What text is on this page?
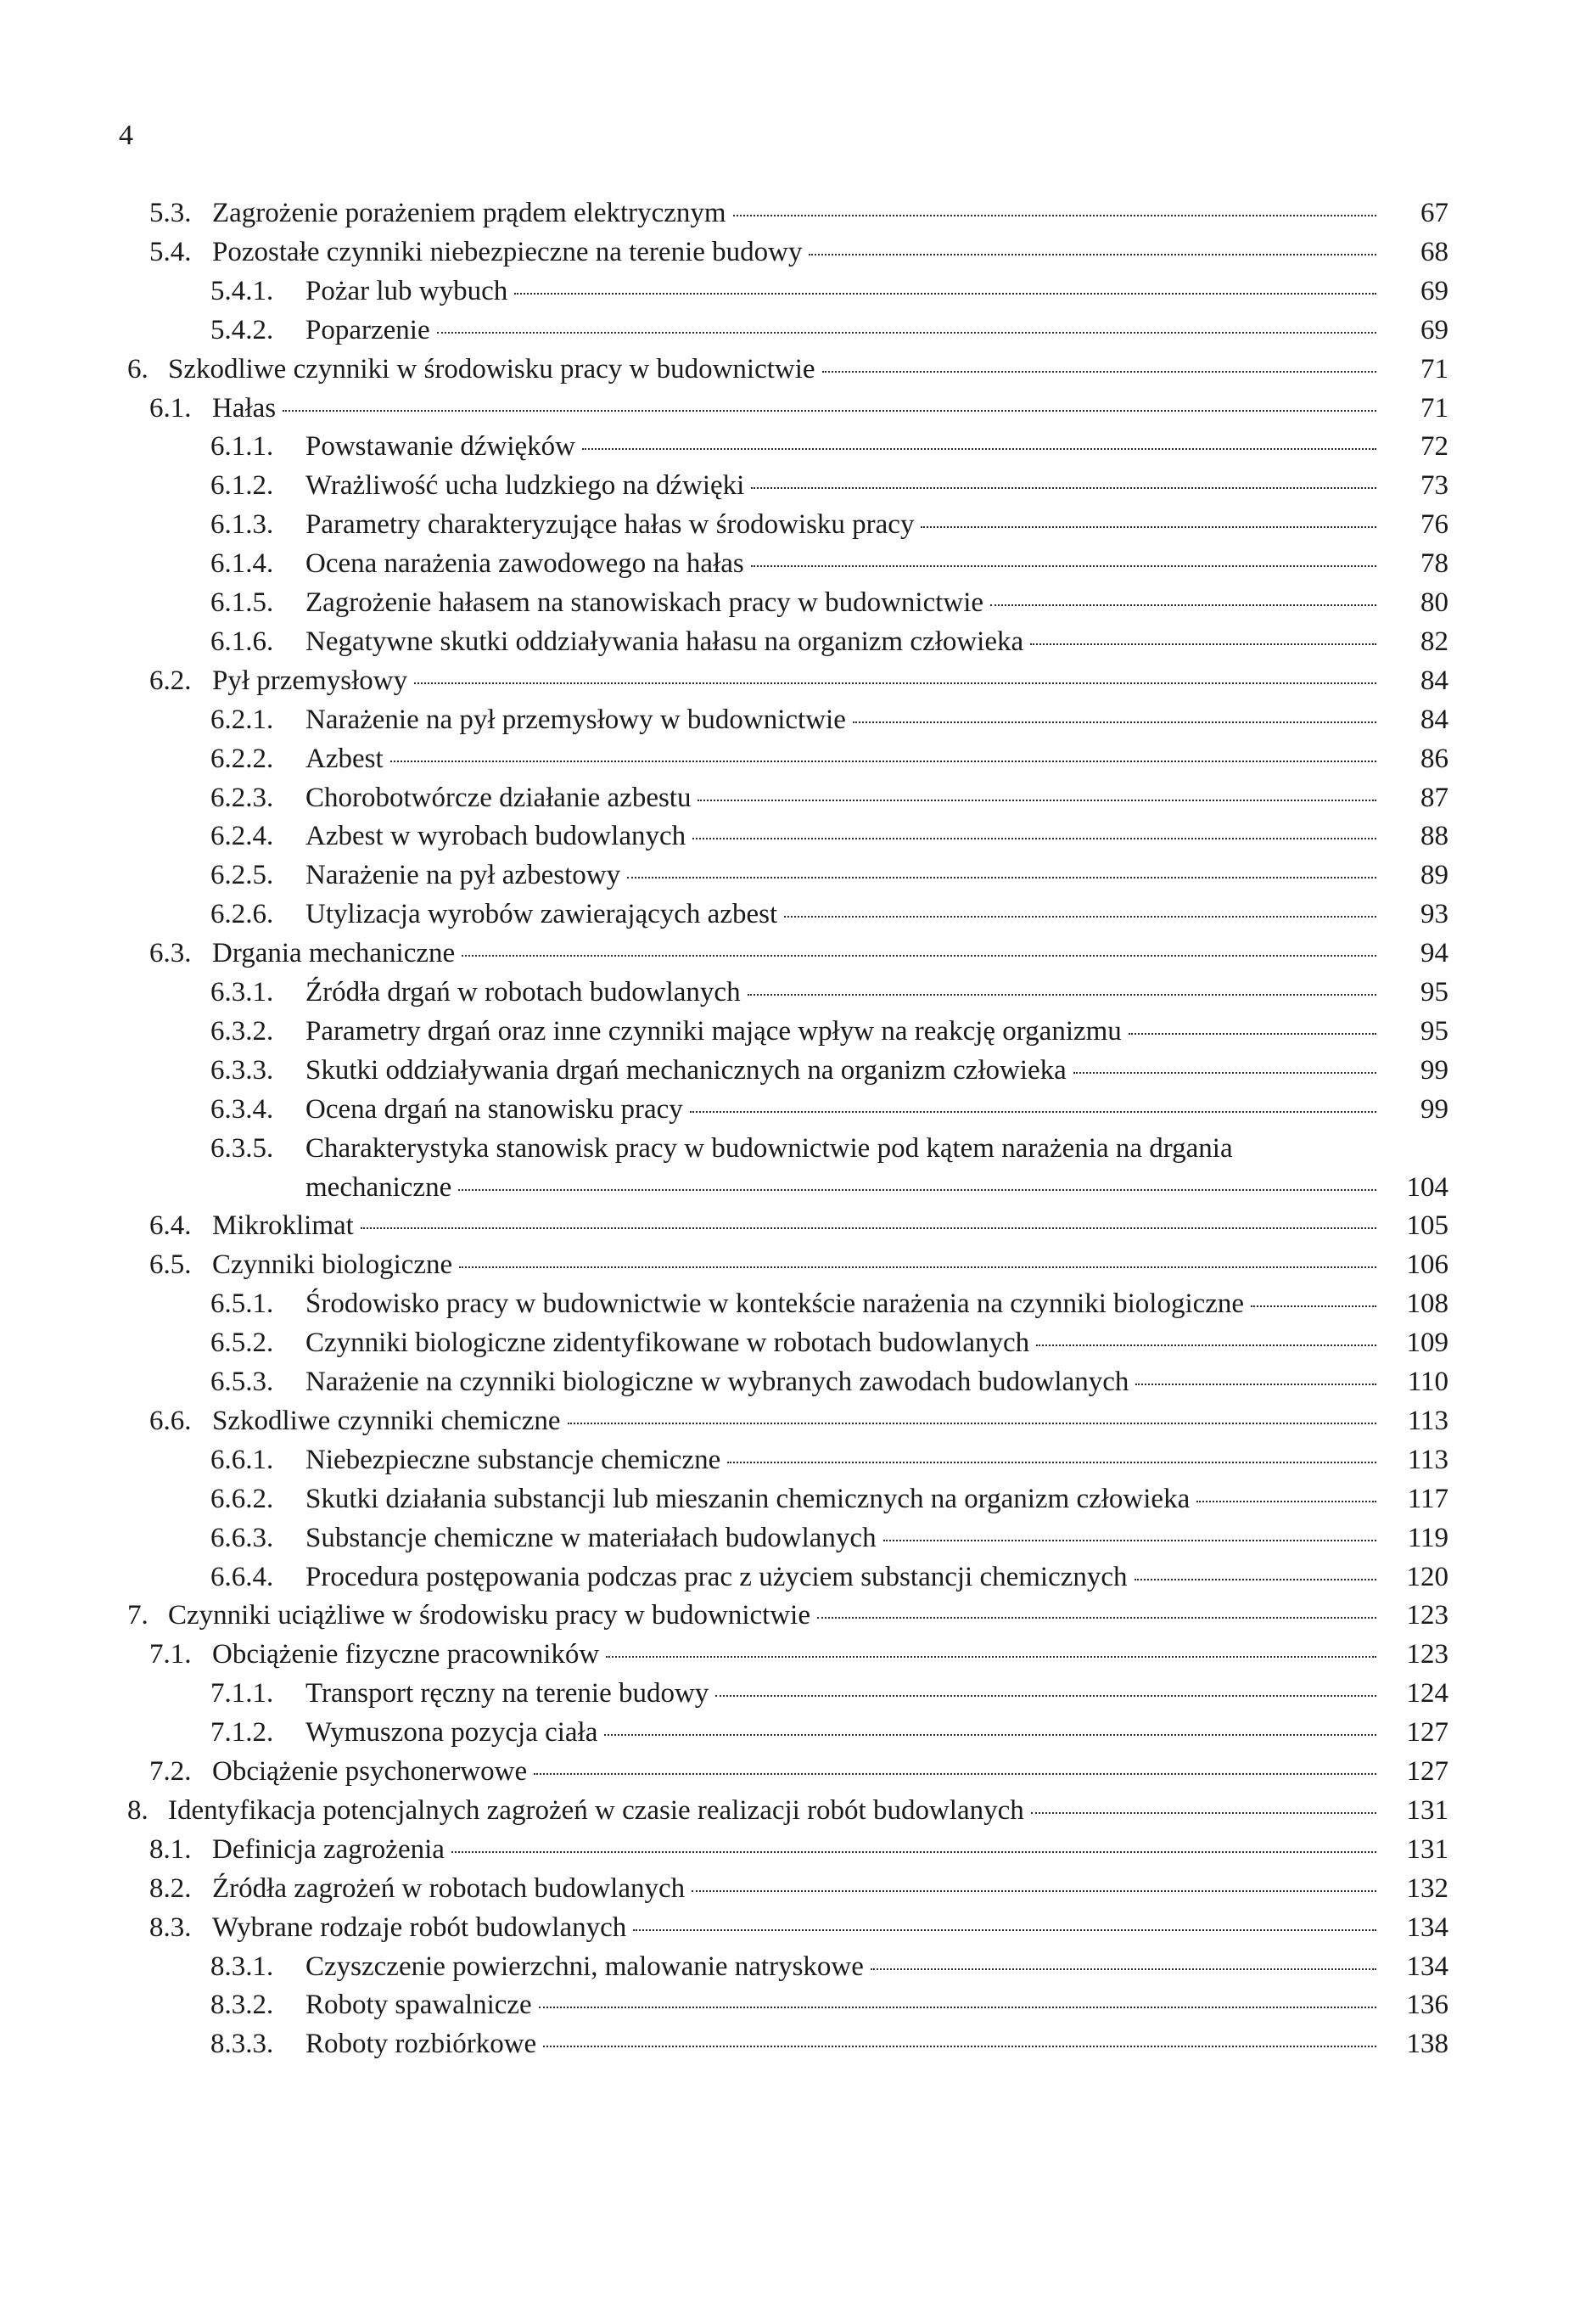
4
5.3. Zagrożenie porażeniem prądem elektrycznym	67
5.4. Pozostałe czynniki niebezpieczne na terenie budowy	68
5.4.1. Pożar lub wybuch	69
5.4.2. Poparzenie	69
6. Szkodliwe czynniki w środowisku pracy w budownictwie	71
6.1. Hałas	71
6.1.1. Powstawanie dźwięków	72
6.1.2. Wrażliwość ucha ludzkiego na dźwięki	73
6.1.3. Parametry charakteryzujące hałas w środowisku pracy	76
6.1.4. Ocena narażenia zawodowego na hałas	78
6.1.5. Zagrożenie hałasem na stanowiskach pracy w budownictwie	80
6.1.6. Negatywne skutki oddziaływania hałasu na organizm człowieka	82
6.2. Pył przemysłowy	84
6.2.1. Narażenie na pył przemysłowy w budownictwie	84
6.2.2. Azbest	86
6.2.3. Chorobotwórcze działanie azbestu	87
6.2.4. Azbest w wyrobach budowlanych	88
6.2.5. Narażenie na pył azbestowy	89
6.2.6. Utylizacja wyrobów zawierających azbest	93
6.3. Drgania mechaniczne	94
6.3.1. Źródła drgań w robotach budowlanych	95
6.3.2. Parametry drgań oraz inne czynniki mające wpływ na reakcję organizmu	95
6.3.3. Skutki oddziaływania drgań mechanicznych na organizm człowieka	99
6.3.4. Ocena drgań na stanowisku pracy	99
6.3.5. Charakterystyka stanowisk pracy w budownictwie pod kątem narażenia na drgania
mechaniczne	104
6.4. Mikroklimat	105
6.5. Czynniki biologiczne	106
6.5.1. Środowisko pracy w budownictwie w kontekście narażenia na czynniki biologiczne	108
6.5.2. Czynniki biologiczne zidentyfikowane w robotach budowlanych	109
6.5.3. Narażenie na czynniki biologiczne w wybranych zawodach budowlanych	110
6.6. Szkodliwe czynniki chemiczne	113
6.6.1. Niebezpieczne substancje chemiczne	113
6.6.2. Skutki działania substancji lub mieszanin chemicznych na organizm człowieka	117
6.6.3. Substancje chemiczne w materiałach budowlanych	119
6.6.4. Procedura postępowania podczas prac z użyciem substancji chemicznych	120
7. Czynniki uciążliwe w środowisku pracy w budownictwie	123
7.1. Obciążenie fizyczne pracowników	123
7.1.1. Transport ręczny na terenie budowy	124
7.1.2. Wymuszona pozycja ciała	127
7.2. Obciążenie psychonerwowe	127
8. Identyfikacja potencjalnych zagrożeń w czasie realizacji robót budowlanych	131
8.1. Definicja zagrożenia	131
8.2. Źródła zagrożeń w robotach budowlanych	132
8.3. Wybrane rodzaje robót budowlanych	134
8.3.1. Czyszczenie powierzchni, malowanie natryskowe	134
8.3.2. Roboty spawalnicze	136
8.3.3. Roboty rozbiórkowe	138
